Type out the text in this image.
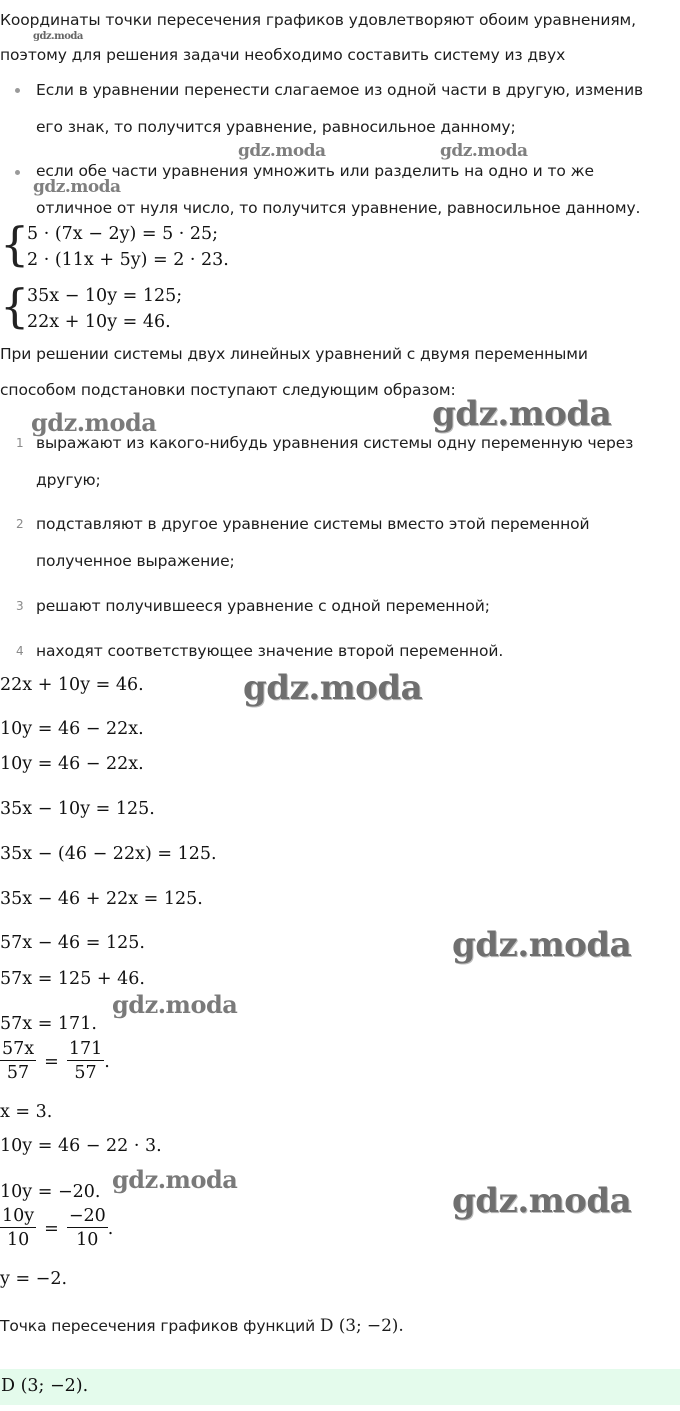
Координаты точки пересечения графиков удовлетворяют обоим уравнениям,
поэтому для решения задачи необходимо составить систему из двух
Если в уравнении перенести слагаемое из одной части в другую, изменив
его знак, то получится уравнение, равносильное данному;
если обе части уравнения умножить или разделить на одно и то же
отличное от нуля число, то получится уравнение, равносильное данному.
{
5 · (7x − 2y) = 5 · 25;
2 · (11x + 5y) = 2 · 23.
{
35x − 10y = 125;
22x + 10y = 46.
При решении системы двух линейных уравнений с двумя переменными
способом подстановки поступают следующим образом:
1 выражают из какого-нибудь уравнения системы одну переменную через
другую;
2 подставляют в другое уравнение системы вместо этой переменной
полученное выражение;
3 решают получившееся уравнение с одной переменной;
4 находят соответствующее значение второй переменной.
22x + 10y = 46.
10y = 46 − 22x.
10y = 46 − 22x.
35x − 10y = 125.
35x − (46 − 22x) = 125.
35x − 46 + 22x = 125.
57x − 46 = 125.
57x = 125 + 46.
57x = 171.
$\frac{57x}{57} = \frac{171}{57}$ .
x = 3.
10y = 46 − 22 · 3.
10y = −20.
$\frac{10y}{10} = \frac{-20}{10}$ .
y = −2.
Точка пересечения графиков функций D (3; −2).
D (3; −2).
gdz.moda
gdz.moda	gdz.moda
gdz.moda
gdz.moda	gdz.moda
gdz.moda
gdz.moda
gdz.moda
gdz.moda
gdz.moda
